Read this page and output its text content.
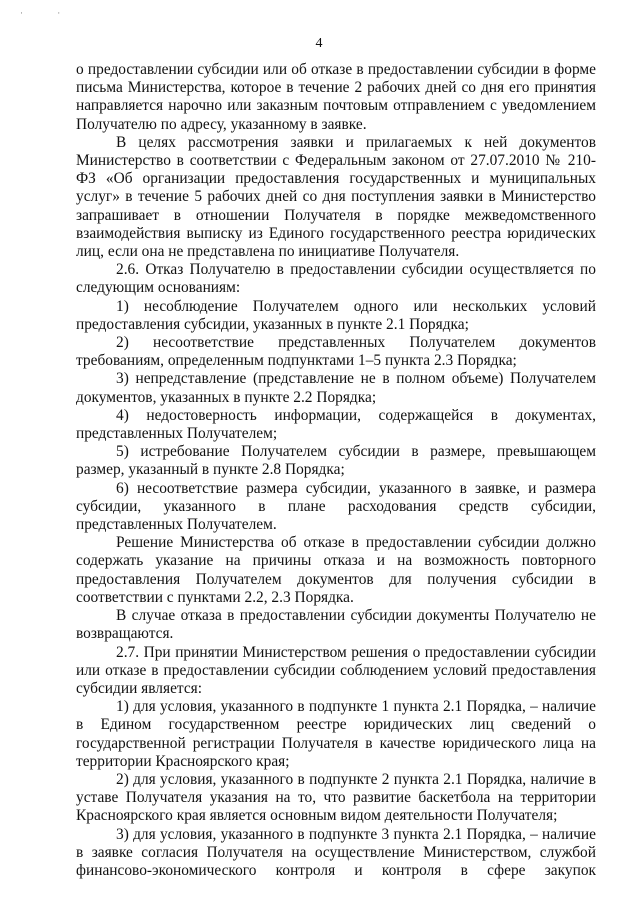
· ·
4

о предоставлении субсидии или об отказе в предоставлении субсидии в форме письма Министерства, которое в течение 2 рабочих дней со дня его принятия направляется нарочно или заказным почтовым отправлением с уведомлением Получателю по адресу, указанному в заявке.

В целях рассмотрения заявки и прилагаемых к ней документов Министерство в соответствии с Федеральным законом от 27.07.2010 № 210-ФЗ «Об организации предоставления государственных и муниципальных услуг» в течение 5 рабочих дней со дня поступления заявки в Министерство запрашивает в отношении Получателя в порядке межведомственного взаимодействия выписку из Единого государственного реестра юридических лиц, если она не представлена по инициативе Получателя.

2.6. Отказ Получателю в предоставлении субсидии осуществляется по следующим основаниям:

1) несоблюдение Получателем одного или нескольких условий предоставления субсидии, указанных в пункте 2.1 Порядка;

2) несоответствие представленных Получателем документов требованиям, определенным подпунктами 1–5 пункта 2.3 Порядка;

3) непредставление (представление не в полном объеме) Получателем документов, указанных в пункте 2.2 Порядка;

4) недостоверность информации, содержащейся в документах, представленных Получателем;

5) истребование Получателем субсидии в размере, превышающем размер, указанный в пункте 2.8 Порядка;

6) несоответствие размера субсидии, указанного в заявке, и размера субсидии, указанного в плане расходования средств субсидии, представленных Получателем.

Решение Министерства об отказе в предоставлении субсидии должно содержать указание на причины отказа и на возможность повторного предоставления Получателем документов для получения субсидии в соответствии с пунктами 2.2, 2.3 Порядка.

В случае отказа в предоставлении субсидии документы Получателю не возвращаются.

2.7. При принятии Министерством решения о предоставлении субсидии или отказе в предоставлении субсидии соблюдением условий предоставления субсидии является:

1) для условия, указанного в подпункте 1 пункта 2.1 Порядка, – наличие в Едином государственном реестре юридических лиц сведений о государственной регистрации Получателя в качестве юридического лица на территории Красноярского края;

2) для условия, указанного в подпункте 2 пункта 2.1 Порядка, наличие в уставе Получателя указания на то, что развитие баскетбола на территории Красноярского края является основным видом деятельности Получателя;

3) для условия, указанного в подпункте 3 пункта 2.1 Порядка, – наличие в заявке согласия Получателя на осуществление Министерством, службой финансово-экономического контроля и контроля в сфере закупок
